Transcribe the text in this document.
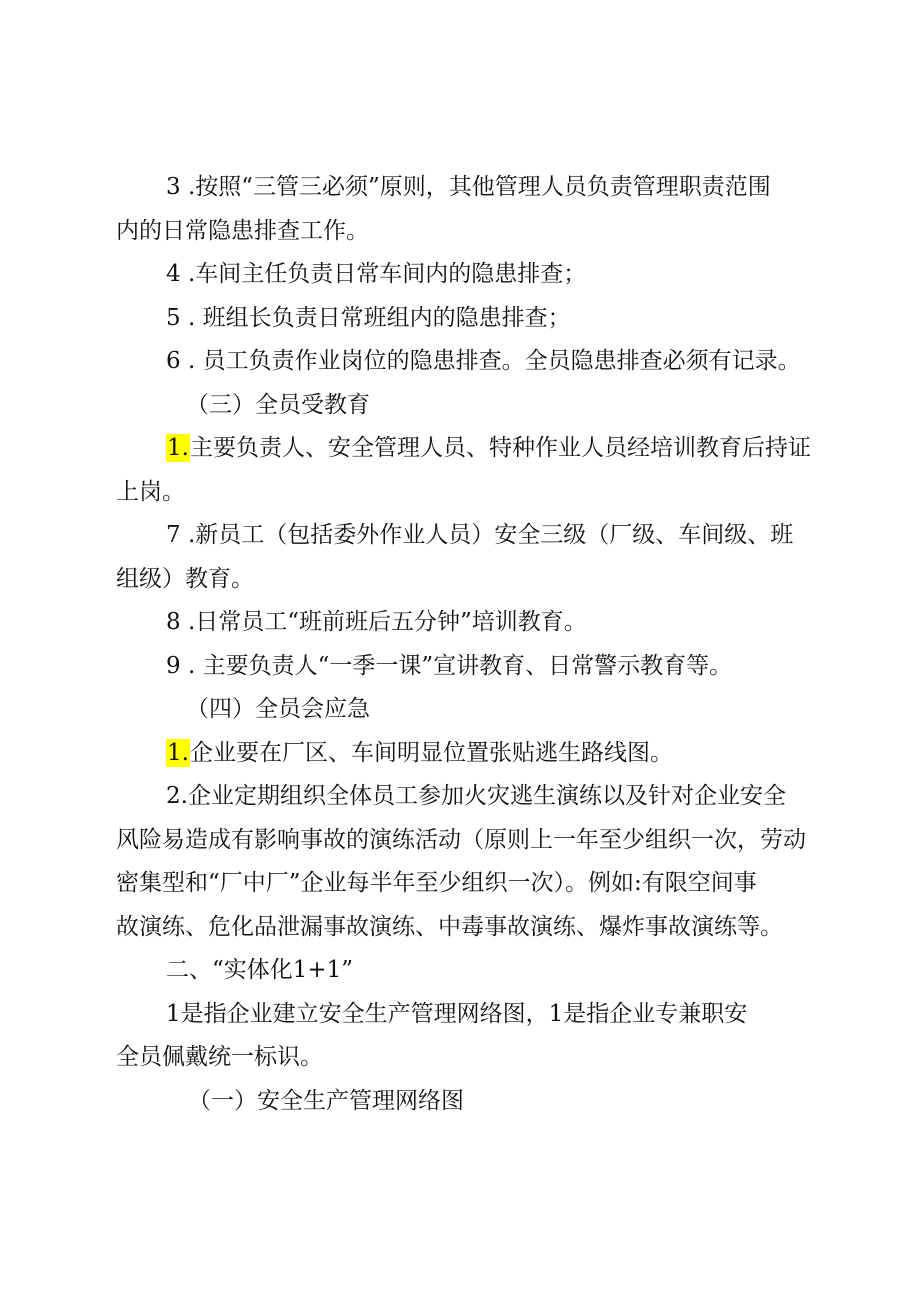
3 .按照“三管三必须”原则，其他管理人员负责管理职责范围
内的日常隐患排查工作。
4 .车间主任负责日常车间内的隐患排查；
5 . 班组长负责日常班组内的隐患排查；
6 . 员工负责作业岗位的隐患排查。全员隐患排查必须有记录。
（三）全员受教育
1.主要负责人、安全管理人员、特种作业人员经培训教育后持证
上岗。
7 .新员工（包括委外作业人员）安全三级（厂级、车间级、班
组级）教育。
8 .日常员工“班前班后五分钟”培训教育。
9 . 主要负责人“一季一课”宣讲教育、日常警示教育等。
（四）全员会应急
1.企业要在厂区、车间明显位置张贴逃生路线图。
2.企业定期组织全体员工参加火灾逃生演练以及针对企业安全
风险易造成有影响事故的演练活动（原则上一年至少组织一次，劳动
密集型和“厂中厂”企业每半年至少组织一次）。例如:有限空间事
故演练、危化品泄漏事故演练、中毒事故演练、爆炸事故演练等。
二、“实体化1+1”
1是指企业建立安全生产管理网络图，1是指企业专兼职安
全员佩戴统一标识。
（一）安全生产管理网络图
